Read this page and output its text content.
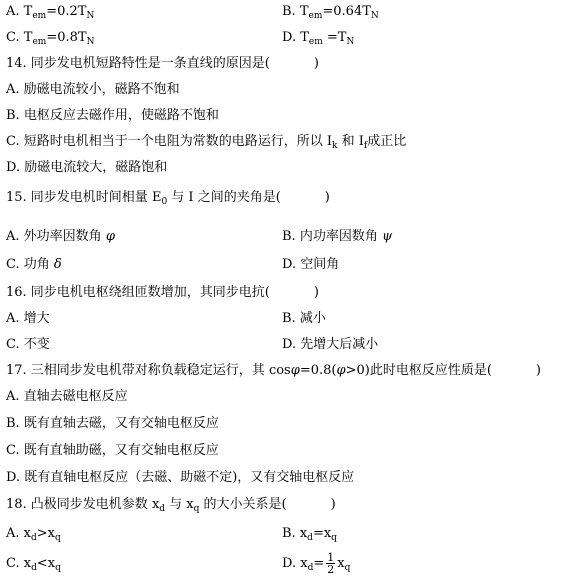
A. $T_{em}=0.2T_N$	B. $T_{em}=0.64T_N$
C. $T_{em}=0.8T_N$	D. $T_{em} =T_N$
14. 同步发电机短路特性是一条直线的原因是(	)
A. 励磁电流较小，磁路不饱和
B. 电枢反应去磁作用，使磁路不饱和
C. 短路时电机相当于一个电阻为常数的电路运行，所以 $I_k$ 和 $I_f$成正比
D. 励磁电流较大，磁路饱和
15. 同步发电机时间相量 $E_0$ 与 I 之间的夹角是(	)
A. 外功率因数角 φ	B. 内功率因数角 ψ
C. 功角 δ	D. 空间角
16. 同步电机电枢绕组匝数增加，其同步电抗(	)
A. 增大	B. 减小
C. 不变	D. 先增大后减小
17. 三相同步发电机带对称负载稳定运行，其 cosφ=0.8(φ>0)此时电枢反应性质是(	)
A. 直轴去磁电枢反应
B. 既有直轴去磁，又有交轴电枢反应
C. 既有直轴助磁，又有交轴电枢反应
D. 既有直轴电枢反应（去磁、助磁不定)，又有交轴电枢反应
18. 凸极同步发电机参数 $x_d$ 与 $x_q$ 的大小关系是(	)
A. $x_d>x_q$	B. $x_d=x_q$
C. $x_d<x_q$	D. $x_d= \frac{1}{2} x_q$
